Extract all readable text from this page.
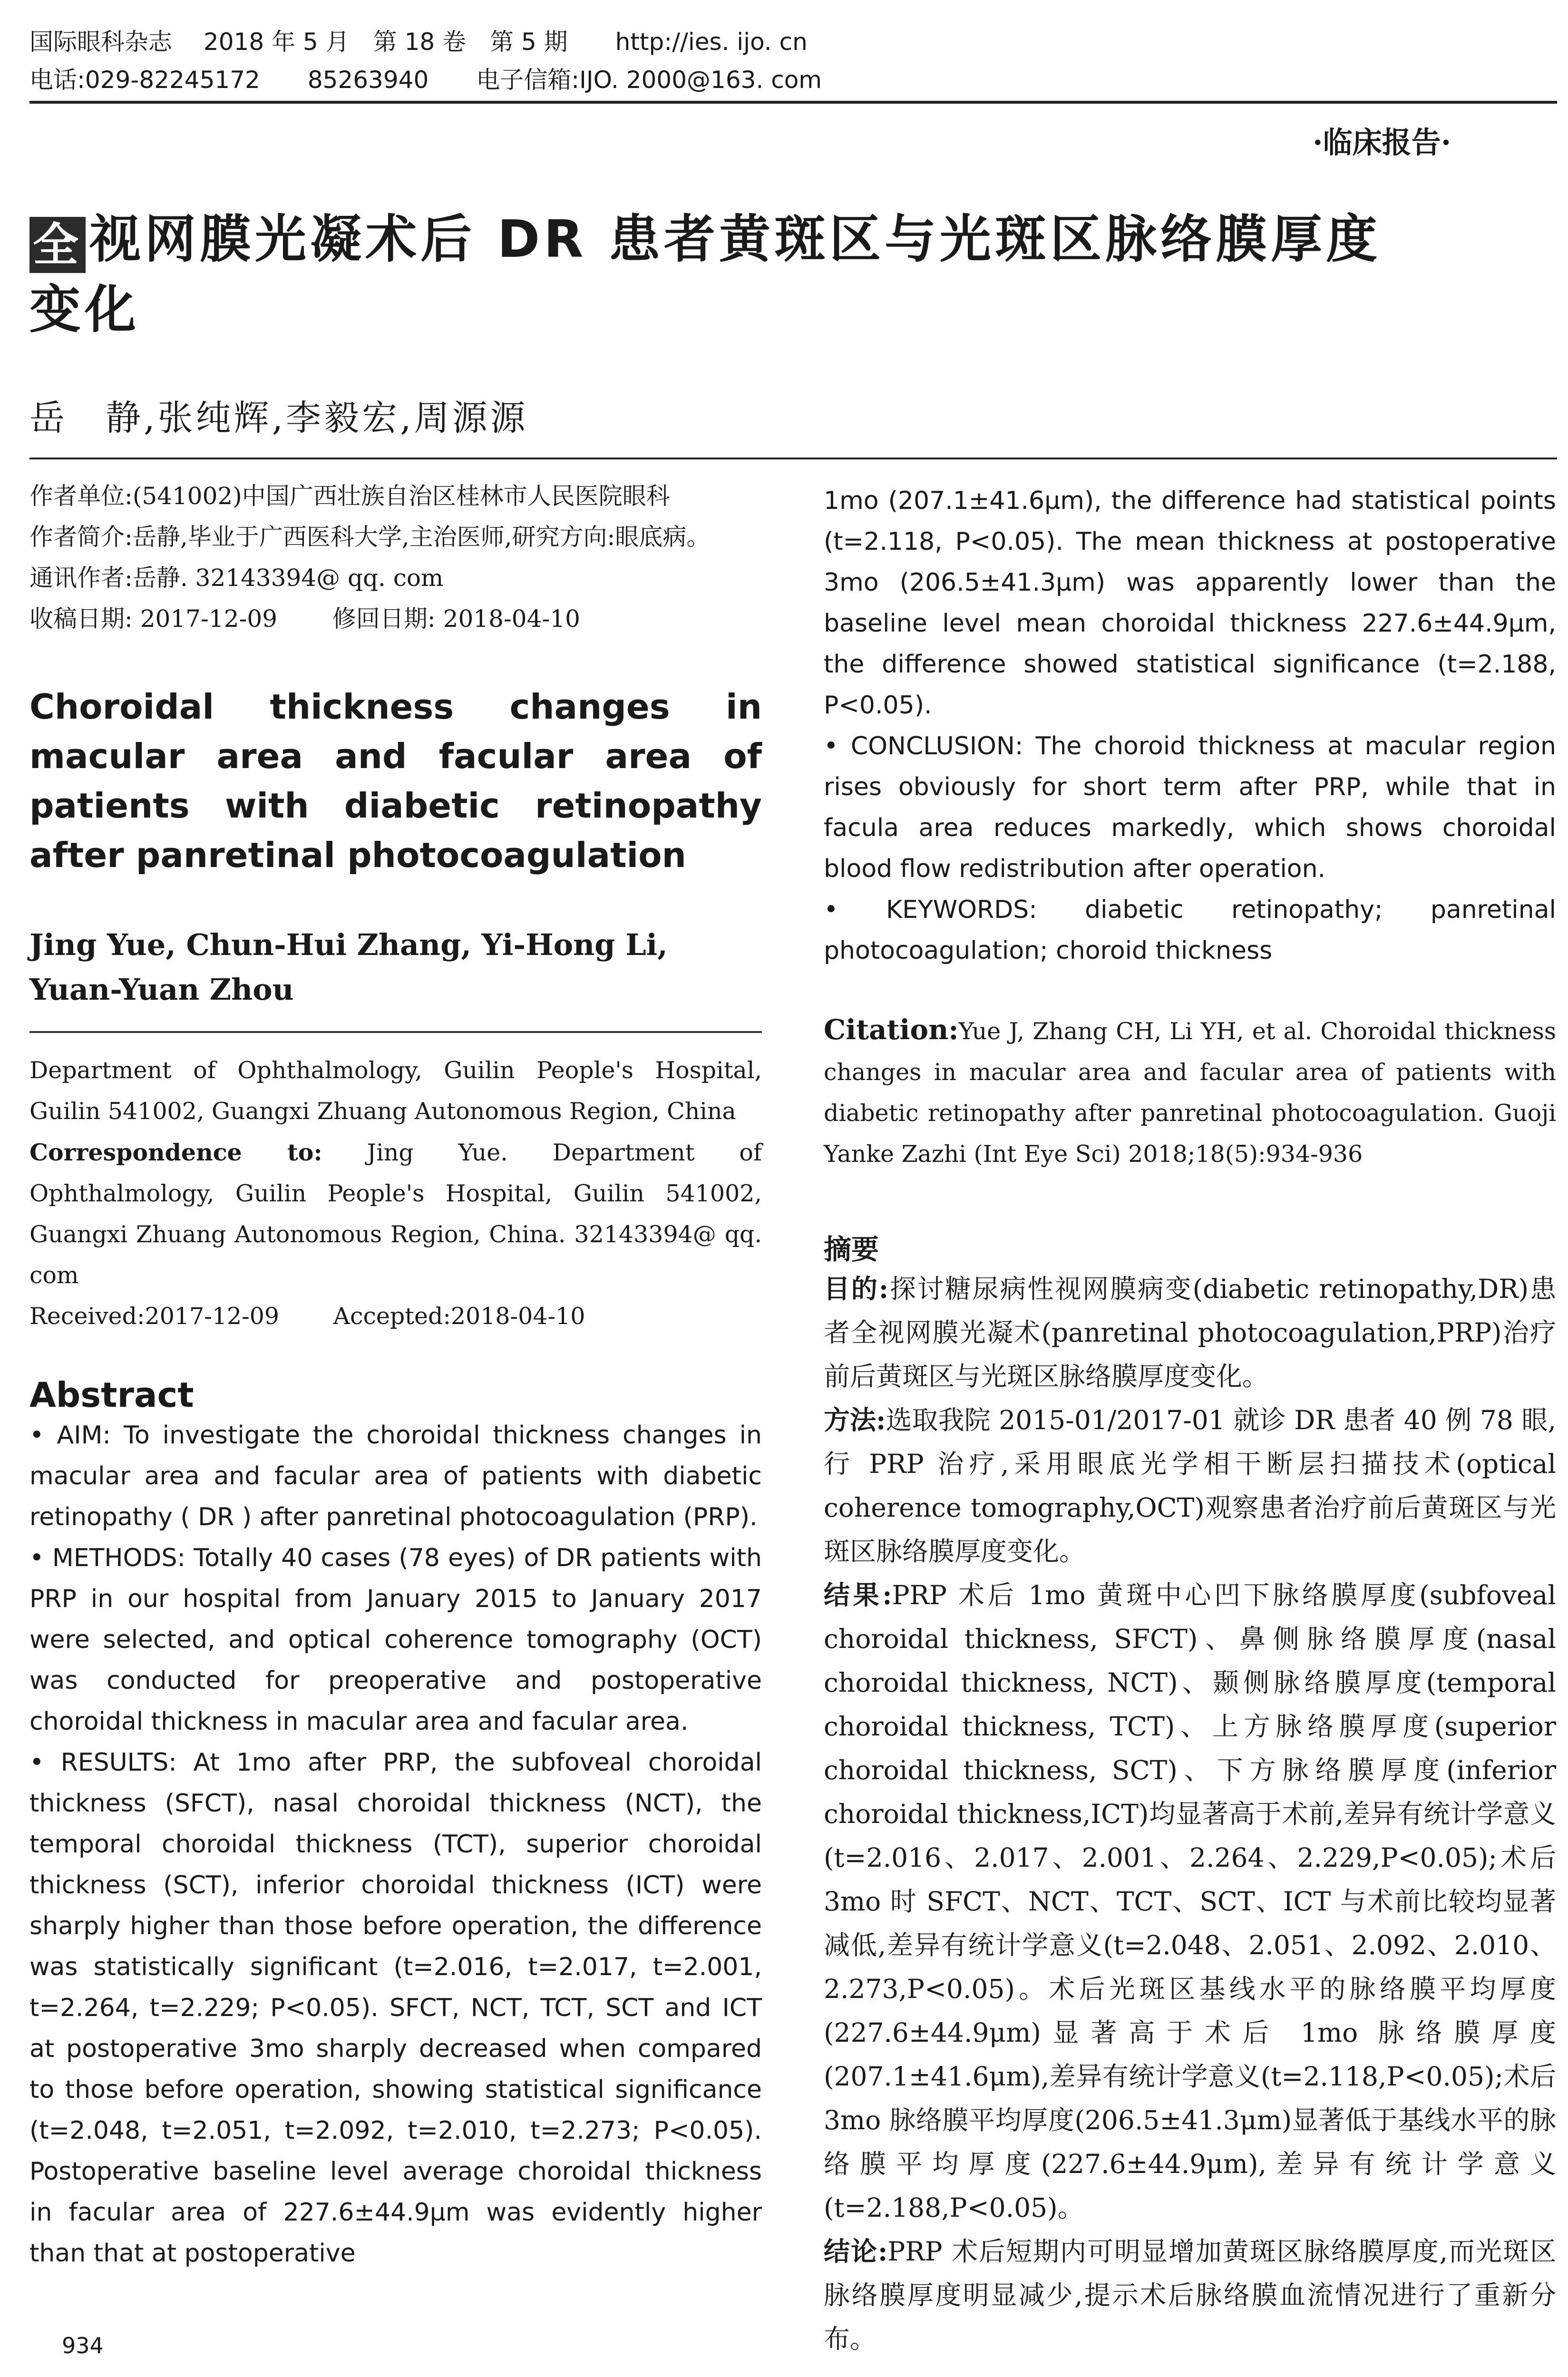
国际眼科杂志　 2018 年 5 月　第 18 卷　第 5 期　　http://ies. ijo. cn
电话:029-82245172　　85263940　　电子信箱:IJO. 2000@163. com
·临床报告·
全 视网膜光凝术后 DR 患者黄斑区与光斑区脉络膜厚度
变化
岳　静,张纯辉,李毅宏,周源源

作者单位:(541002)中国广西壮族自治区桂林市人民医院眼科

作者简介:岳静,毕业于广西医科大学,主治医师,研究方向:眼底病。

通讯作者:岳静. 32143394@ qq. com

收稿日期: 2017-12-09　　 修回日期: 2018-04-10

Choroidal thickness changes in macular area and facular area of patients with diabetic retinopathy after panretinal photocoagulation

Jing Yue, Chun-Hui Zhang, Yi-Hong Li, Yuan-Yuan Zhou

Department of Ophthalmology, Guilin People's Hospital, Guilin 541002, Guangxi Zhuang Autonomous Region, China

Correspondence to: Jing Yue. Department of Ophthalmology, Guilin People's Hospital, Guilin 541002, Guangxi Zhuang Autonomous Region, China. 32143394@ qq. com

Received:2017-12-09　　 Accepted:2018-04-10

Abstract

• AIM: To investigate the choroidal thickness changes in macular area and facular area of patients with diabetic retinopathy ( DR ) after panretinal photocoagulation (PRP).

• METHODS: Totally 40 cases (78 eyes) of DR patients with PRP in our hospital from January 2015 to January 2017 were selected, and optical coherence tomography (OCT) was conducted for preoperative and postoperative choroidal thickness in macular area and facular area.

• RESULTS: At 1mo after PRP, the subfoveal choroidal thickness (SFCT), nasal choroidal thickness (NCT), the temporal choroidal thickness (TCT), superior choroidal thickness (SCT), inferior choroidal thickness (ICT) were sharply higher than those before operation, the difference was statistically significant (t=2.016, t=2.017, t=2.001, t=2.264, t=2.229; P<0.05). SFCT, NCT, TCT, SCT and ICT at postoperative 3mo sharply decreased when compared to those before operation, showing statistical significance (t=2.048, t=2.051, t=2.092, t=2.010, t=2.273; P<0.05). Postoperative baseline level average choroidal thickness in facular area of 227.6±44.9μm was evidently higher than that at postoperative

1mo (207.1±41.6μm), the difference had statistical points (t=2.118, P<0.05). The mean thickness at postoperative 3mo (206.5±41.3μm) was apparently lower than the baseline level mean choroidal thickness 227.6±44.9μm, the difference showed statistical significance (t=2.188, P<0.05).

• CONCLUSION: The choroid thickness at macular region rises obviously for short term after PRP, while that in facula area reduces markedly, which shows choroidal blood flow redistribution after operation.

• KEYWORDS: diabetic retinopathy; panretinal photocoagulation; choroid thickness

Citation:Yue J, Zhang CH, Li YH, et al. Choroidal thickness changes in macular area and facular area of patients with diabetic retinopathy after panretinal photocoagulation. Guoji Yanke Zazhi (Int Eye Sci) 2018;18(5):934-936

摘要

目的:探讨糖尿病性视网膜病变(diabetic retinopathy,DR)患者全视网膜光凝术(panretinal photocoagulation,PRP)治疗前后黄斑区与光斑区脉络膜厚度变化。

方法:选取我院 2015-01/2017-01 就诊 DR 患者 40 例 78 眼,行 PRP 治疗,采用眼底光学相干断层扫描技术(optical coherence tomography,OCT)观察患者治疗前后黄斑区与光斑区脉络膜厚度变化。

结果:PRP 术后 1mo 黄斑中心凹下脉络膜厚度(subfoveal choroidal thickness, SFCT)、鼻侧脉络膜厚度(nasal choroidal thickness, NCT)、颞侧脉络膜厚度(temporal choroidal thickness, TCT)、上方脉络膜厚度(superior choroidal thickness, SCT)、下方脉络膜厚度(inferior choroidal thickness,ICT)均显著高于术前,差异有统计学意义(t=2.016、2.017、2.001、2.264、2.229,P<0.05);术后 3mo 时 SFCT、NCT、TCT、SCT、ICT 与术前比较均显著减低,差异有统计学意义(t=2.048、2.051、2.092、2.010、2.273,P<0.05)。术后光斑区基线水平的脉络膜平均厚度(227.6±44.9μm)显著高于术后 1mo 脉络膜厚度(207.1±41.6μm),差异有统计学意义(t=2.118,P<0.05);术后 3mo 脉络膜平均厚度(206.5±41.3μm)显著低于基线水平的脉络膜平均厚度(227.6±44.9μm),差异有统计学意义(t=2.188,P<0.05)。

结论:PRP 术后短期内可明显增加黄斑区脉络膜厚度,而光斑区脉络膜厚度明显减少,提示术后脉络膜血流情况进行了重新分布。

934
